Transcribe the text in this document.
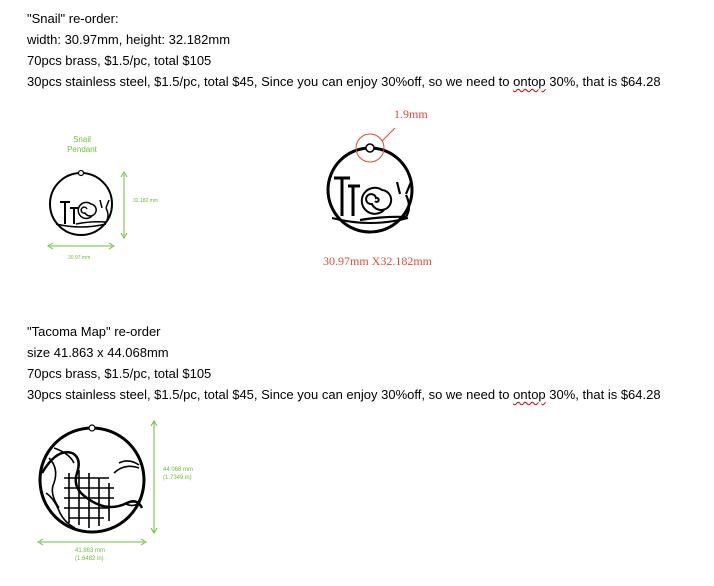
"Snail" re-order:
width: 30.97mm, height: 32.182mm
70pcs brass, $1.5/pc, total $105
30pcs stainless steel, $1.5/pc, total $45, Since you can enjoy 30%off, so we need to ontop 30%, that is $64.28
Snail
Pendant
32.182 mm
30.97 mm
1.9mm
30.97mm X32.182mm
"Tacoma Map" re-order
size 41.863 x 44.068mm
70pcs brass, $1.5/pc, total $105
30pcs stainless steel, $1.5/pc, total $45, Since you can enjoy 30%off, so we need to ontop 30%, that is $64.28
44.068 mm
(1.7349 in)
41.863 mm
(1.6482 in)
